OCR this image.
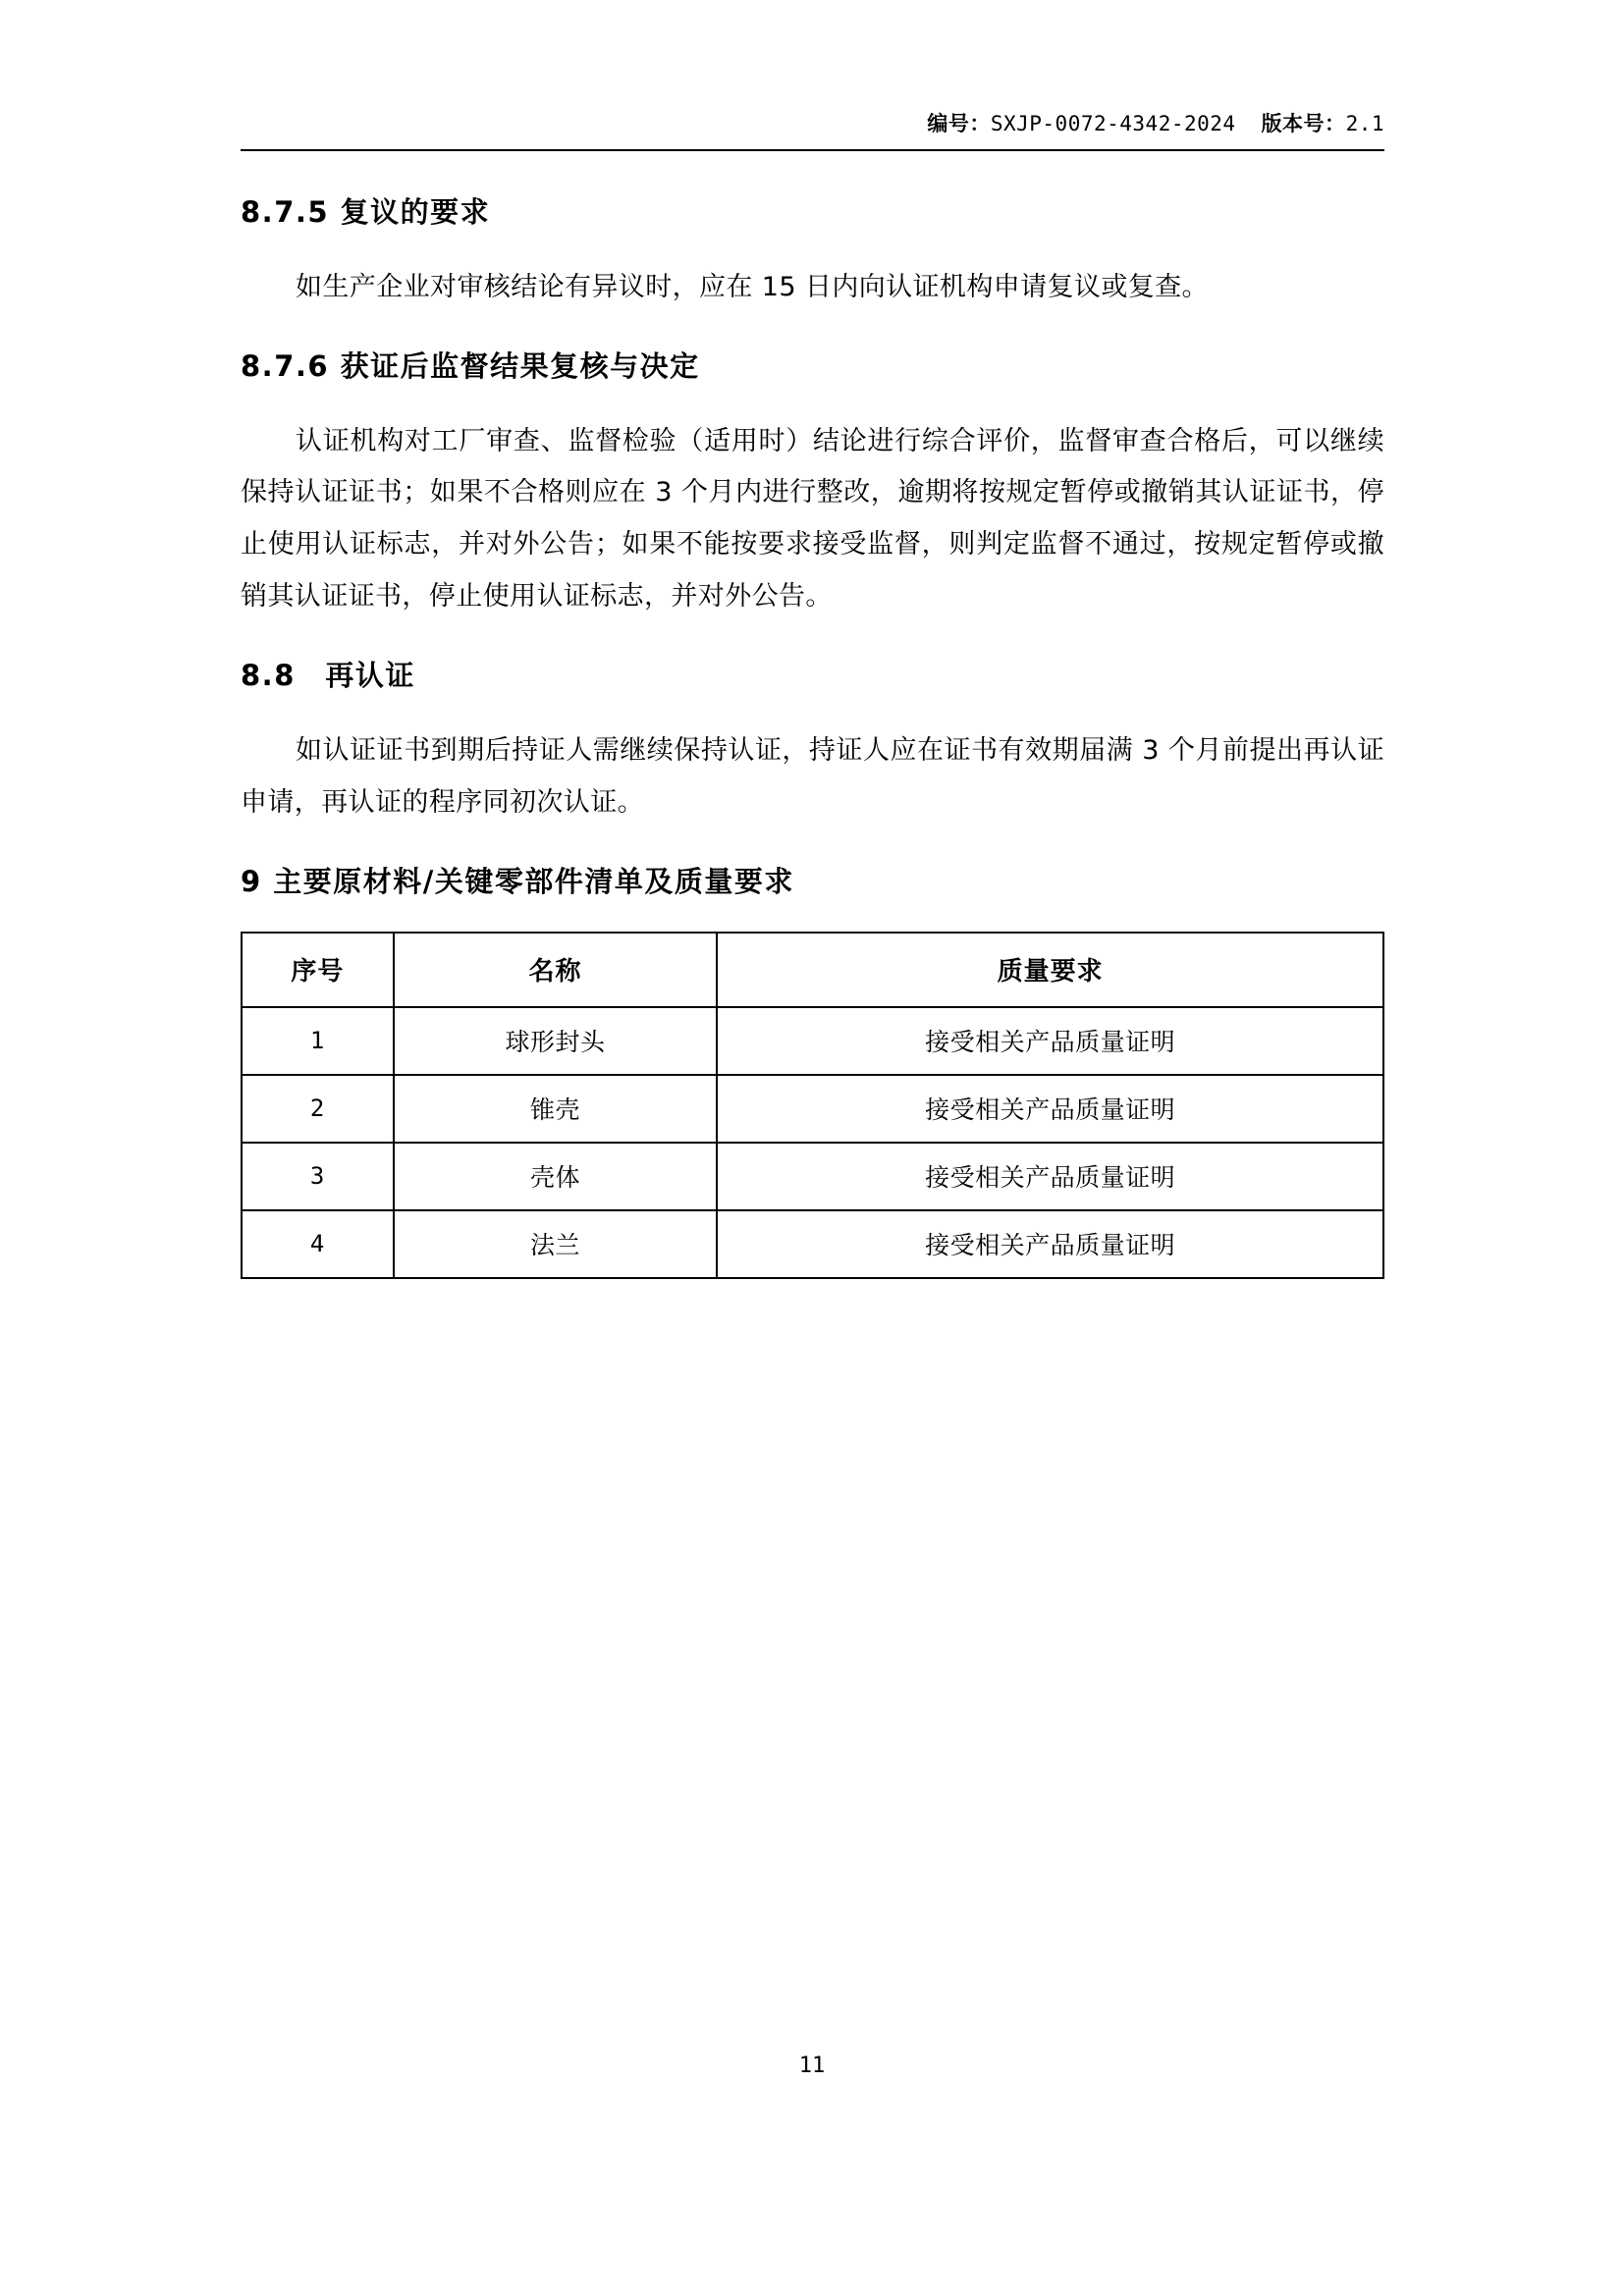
编号：SXJP-0072-4342-2024 版本号：2.1
8.7.5 复议的要求

如生产企业对审核结论有异议时，应在 15 日内向认证机构申请复议或复查。

8.7.6 获证后监督结果复核与决定

认证机构对工厂审查、监督检验（适用时）结论进行综合评价，监督审查合格后，可以继续保持认证证书；如果不合格则应在 3 个月内进行整改，逾期将按规定暂停或撤销其认证证书，停止使用认证标志，并对外公告；如果不能按要求接受监督，则判定监督不通过，按规定暂停或撤销其认证证书，停止使用认证标志，并对外公告。

8.8　再认证

如认证证书到期后持证人需继续保持认证，持证人应在证书有效期届满 3 个月前提出再认证申请，再认证的程序同初次认证。

9 主要原材料/关键零部件清单及质量要求
序号	名称	质量要求
1	球形封头	接受相关产品质量证明
2	锥壳	接受相关产品质量证明
3	壳体	接受相关产品质量证明
4	法兰	接受相关产品质量证明
11
